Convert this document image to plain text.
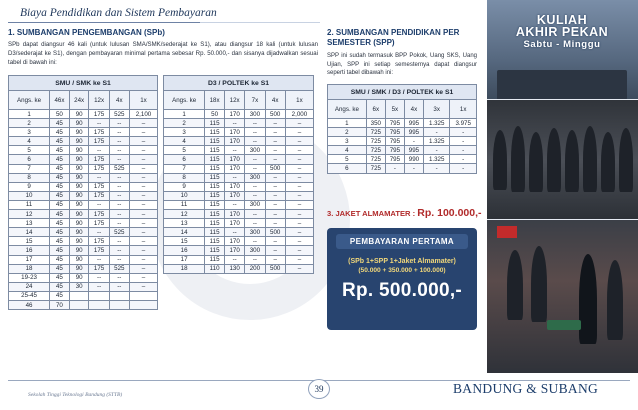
Biaya Pendidikan dan Sistem Pembayaran
1. SUMBANGAN PENGEMBANGAN (SPb)
SPb dapat diangsur 46 kali (untuk lulusan SMA/SMK/sederajat ke S1), atau diangsur 18 kali (untuk lulusan D3/sederajat ke S1), dengan pembayaran minimal pertama sebesar Rp. 50.000,- dan sisanya dijadwalkan sesuai tabel di bawah ini:
SMU / SMK ke S1					
Angs. ke	46x	24x	12x	4x	1x
1	50	90	175	525	2,100
2	45	90	--	--	–
3	45	90	175	--	–
4	45	90	175	--	–
5	45	90	--	--	–
6	45	90	175	--	–
7	45	90	175	525	–
8	45	90	--	--	–
9	45	90	175	--	–
10	45	90	175	--	–
11	45	90	--	--	–
12	45	90	175	--	–
13	45	90	175	--	–
14	45	90	--	525	–
15	45	90	175	--	–
16	45	90	175	--	–
17	45	90	--	--	–
18	45	90	175	525	–
19-23	45	90	--	--	–
24	45	30	--	--	–
25-45	45				
46	70				
D3 / POLTEK ke S1					
Angs. ke	18x	12x	7x	4x	1x
1	50	170	300	500	2,000
2	115	--	--	–	–
3	115	170	--	–	–
4	115	170	--	–	–
5	115	--	300	–	–
6	115	170	--	–	–
7	115	170	--	500	–
8	115	--	300	–	–
9	115	170	--	–	–
10	115	170	--	–	–
11	115	--	300	–	–
12	115	170	--	–	–
13	115	170	--	–	–
14	115	--	300	500	–
15	115	170	--	–	–
16	115	170	300	–	–
17	115	--	--	–	–
18	110	130	200	500	–
2. SUMBANGAN PENDIDIKAN PER SEMESTER (SPP)
SPP ini sudah termasuk BPP Pokok, Uang SKS, Uang Ujian, SPP ini setiap semesternya dapat diangsur seperti tabel dibawah ini:
SMU / SMK / D3 / POLTEK ke S1					
Angs. ke	6x	5x	4x	3x	1x
1	350	795	995	1.325	3.975
2	725	795	995	-	-
3	725	795	-	1.325	-
4	725	795	995	-	-
5	725	795	990	1.325	-
6	725	-	-	-	-
3. JAKET ALMAMATER : Rp. 100.000,-
PEMBAYARAN PERTAMA
(SPb 1+SPP 1+Jaket Almamater)
(50.000 + 350.000 + 100.000)
Rp. 500.000,-
KULIAH
AKHIR PEKAN
Sabtu - Minggu
Sekolah Tinggi Teknologi Bandung (STTB)
39	BANDUNG & SUBANG
